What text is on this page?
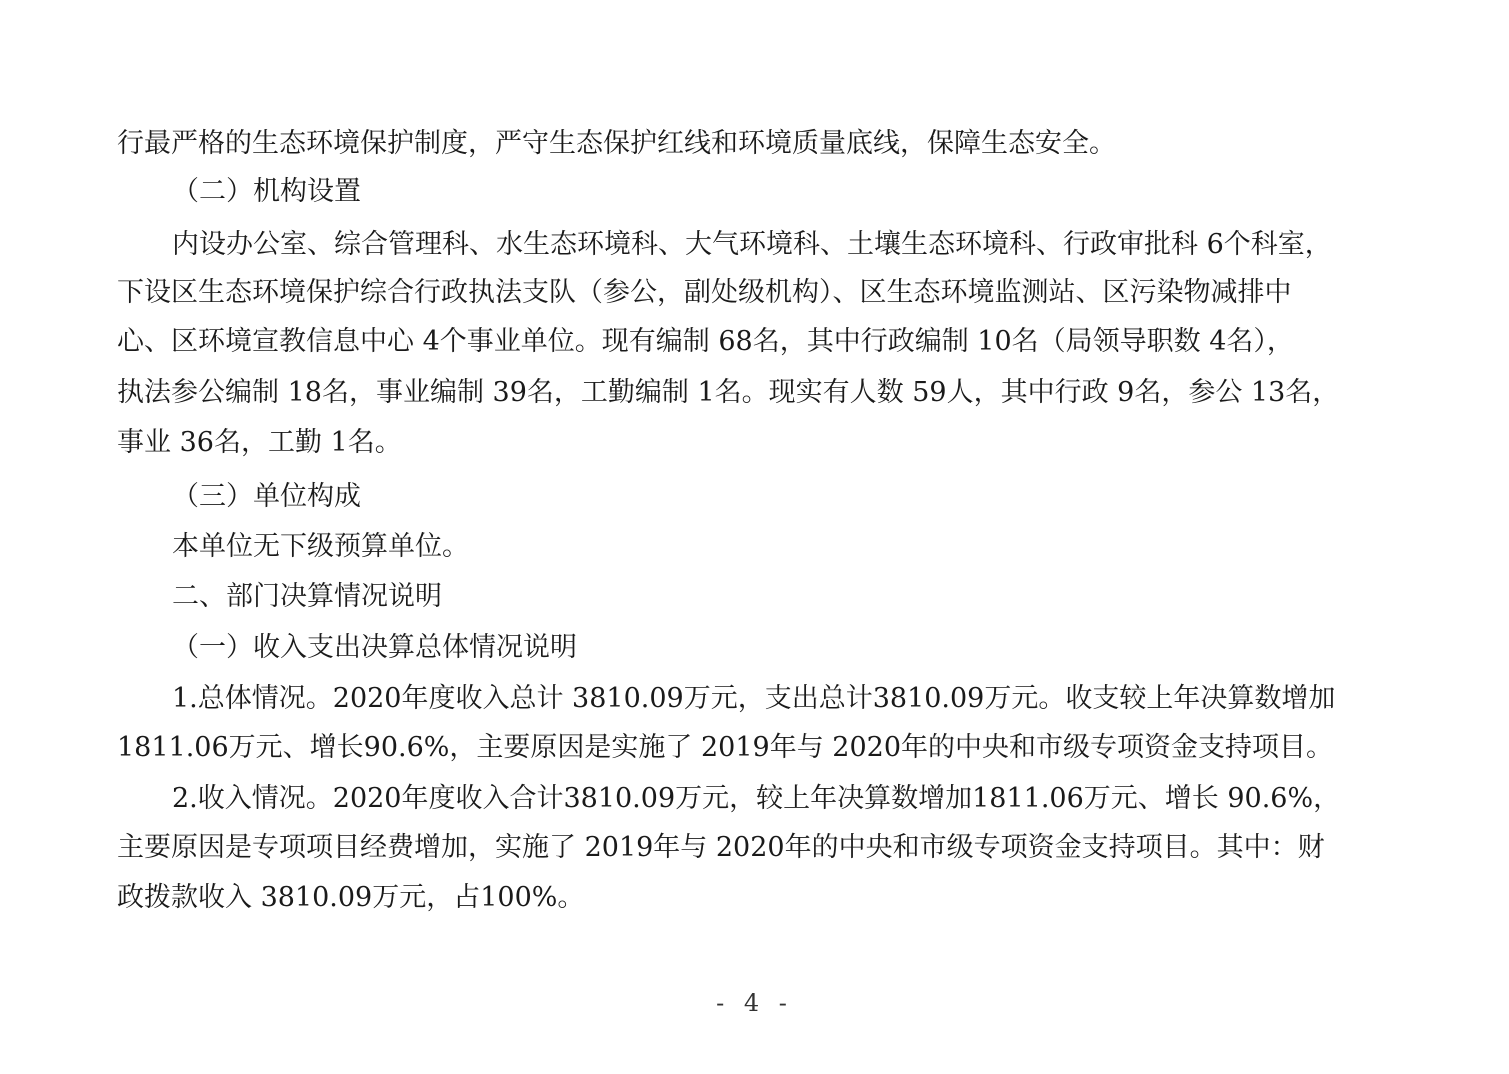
行最严格的生态环境保护制度，严守生态保护红线和环境质量底线，保障生态安全。
（二）机构设置
内设办公室、综合管理科、水生态环境科、大气环境科、土壤生态环境科、行政审批科 6个科室，
下设区生态环境保护综合行政执法支队（参公，副处级机构）、区生态环境监测站、区污染物减排中
心、区环境宣教信息中心 4个事业单位。现有编制 68名，其中行政编制 10名（局领导职数 4名），
执法参公编制 18名，事业编制 39名，工勤编制 1名。现实有人数 59人，其中行政 9名，参公 13名，
事业 36名，工勤 1名。
（三）单位构成
本单位无下级预算单位。
二、部门决算情况说明
（一）收入支出决算总体情况说明
1.总体情况。2020年度收入总计 3810.09万元，支出总计3810.09万元。收支较上年决算数增加
1811.06万元、增长90.6%，主要原因是实施了 2019年与 2020年的中央和市级专项资金支持项目。
2.收入情况。2020年度收入合计3810.09万元，较上年决算数增加1811.06万元、增长 90.6%，
主要原因是专项项目经费增加，实施了 2019年与 2020年的中央和市级专项资金支持项目。其中：财
政拨款收入 3810.09万元，占100%。
- 4 -
